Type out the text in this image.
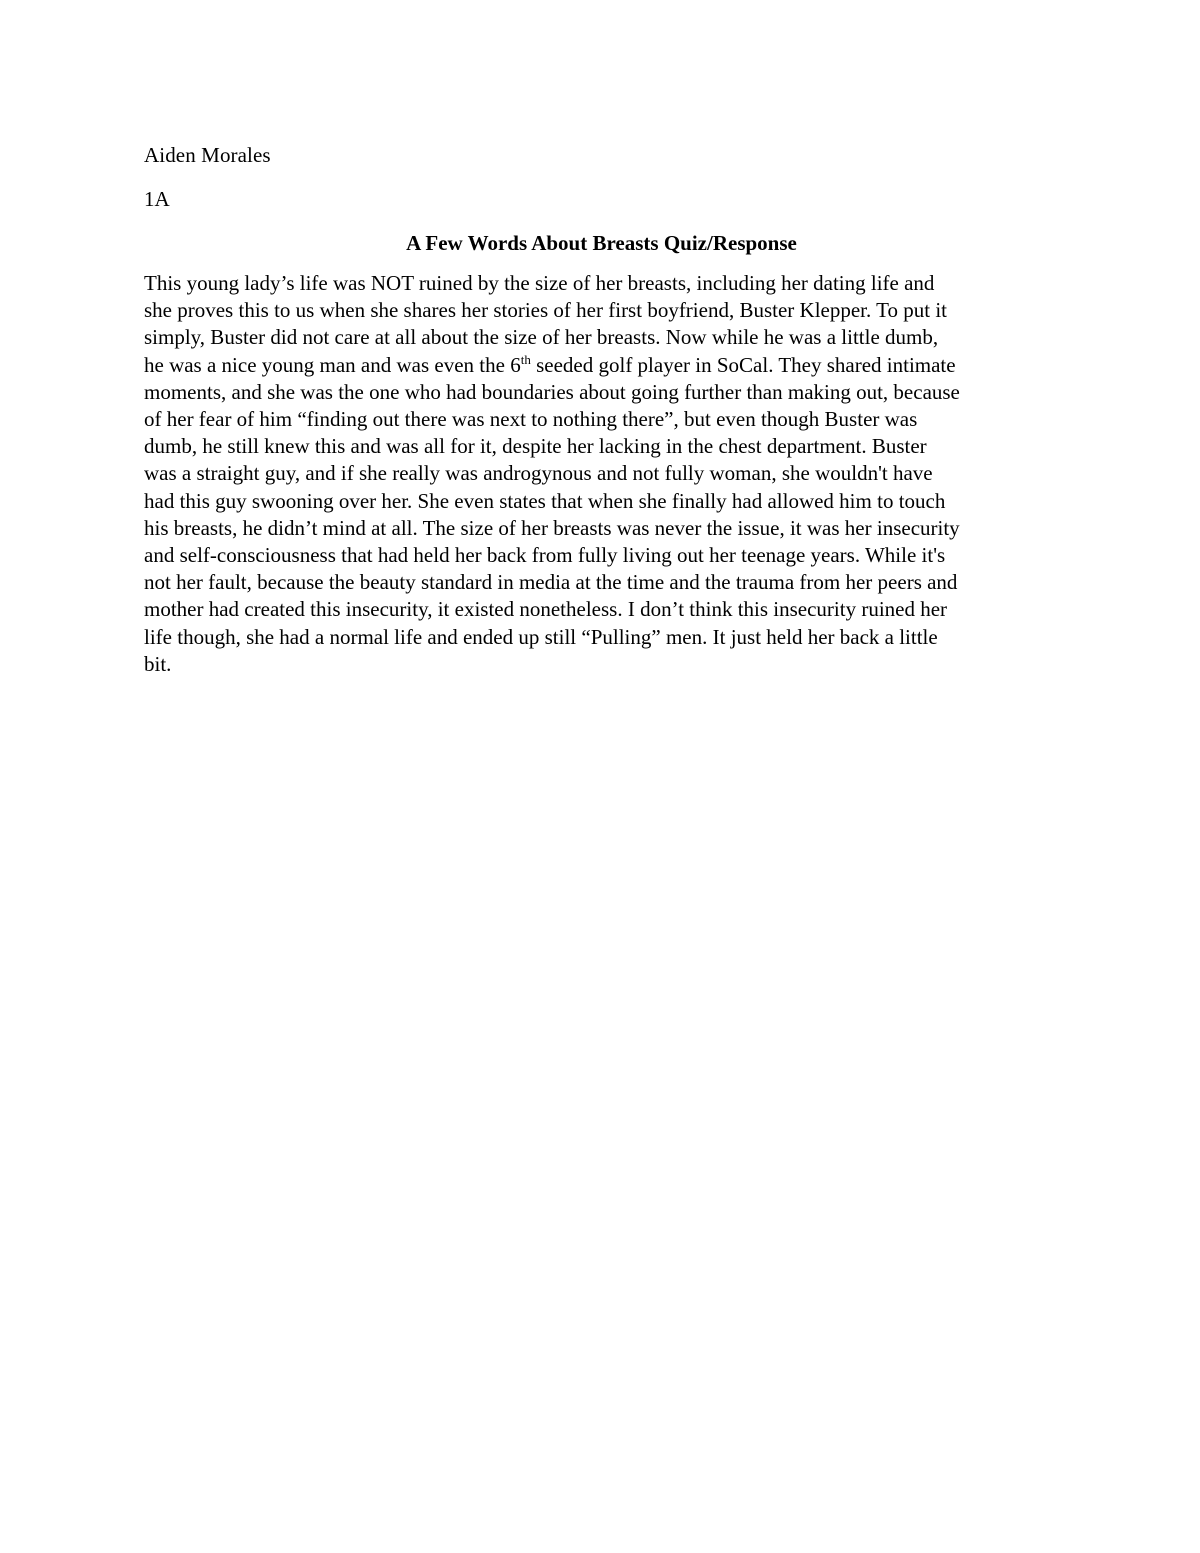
Aiden Morales
1A
A Few Words About Breasts Quiz/Response
This young lady’s life was NOT ruined by the size of her breasts, including her dating life and
she proves this to us when she shares her stories of her first boyfriend, Buster Klepper. To put it
simply, Buster did not care at all about the size of her breasts. Now while he was a little dumb,
he was a nice young man and was even the 6th seeded golf player in SoCal. They shared intimate
moments, and she was the one who had boundaries about going further than making out, because
of her fear of him “finding out there was next to nothing there”, but even though Buster was
dumb, he still knew this and was all for it, despite her lacking in the chest department. Buster
was a straight guy, and if she really was androgynous and not fully woman, she wouldn't have
had this guy swooning over her. She even states that when she finally had allowed him to touch
his breasts, he didn’t mind at all. The size of her breasts was never the issue, it was her insecurity
and self-consciousness that had held her back from fully living out her teenage years. While it's
not her fault, because the beauty standard in media at the time and the trauma from her peers and
mother had created this insecurity, it existed nonetheless. I don’t think this insecurity ruined her
life though, she had a normal life and ended up still “Pulling” men. It just held her back a little
bit.
